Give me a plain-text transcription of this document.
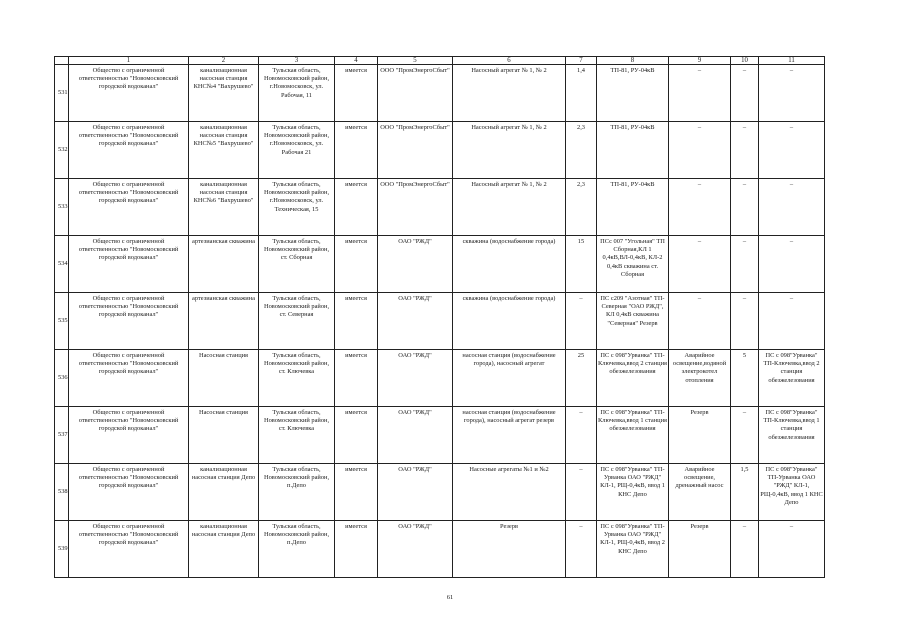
	1	2	3	4	5	6	7	8	9	10	11
531	Общество с ограниченной ответственностью "Новомосковский городской водоканал"	канализационная насосная станция КНС№4 "Вахрушево"	Тульская область, Новомосковский район, г.Новомосковск, ул. Рабочая, 11	имеется	ООО "ПромЭнергоСбыт"	Насосный агрегат № 1, № 2	1,4	ТП-81, РУ-04кВ	–	–	–
532	Общество с ограниченной ответственностью "Новомосковский городской водоканал"	канализационная насосная станция КНС№5 "Вахрушево"	Тульская область, Новомосковский район, г.Новомосковск, ул. Рабочая 21	имеется	ООО "ПромЭнергоСбыт"	Насосный агрегат № 1, № 2	2,3	ТП-81, РУ-04кВ	–	–	–
533	Общество с ограниченной ответственностью "Новомосковский городской водоканал"	канализационная насосная станция КНС№6 "Вахрушево"	Тульская область, Новомосковский район, г.Новомосковск, ул. Техническая, 15	имеется	ООО "ПромЭнергоСбыт"	Насосный агрегат № 1, № 2	2,3	ТП-81, РУ-04кВ	–	–	–
534	Общество с ограниченной ответственностью "Новомосковский городской водоканал"	артезианская скважина	Тульская область, Новомосковский район, ст. Сборная	имеется	ОАО "РЖД"	скважина (водоснабжение города)	15	ПСс 007 "Угольная" ТП Сборная,КЛ 1 0,4кВ,ВЛ-0,4кВ, КЛ-2 0,4кВ скважина ст. Сборная	–	–	–
535	Общество с ограниченной ответственностью "Новомосковский городской водоканал"	артезианская скважина	Тульская область, Новомосковский район, ст. Северная	имеется	ОАО "РЖД"	скважина (водоснабжение города)	–	ПС с209 "Азотная" ТП-Северная "ОАО РЖД", КЛ 0,4кВ скважина "Северная" Резерв	–	–	–
536	Общество с ограниченной ответственностью "Новомосковский городской водоканал"	Насосная станция	Тульская область, Новомосковский район, ст. Ключевка	имеется	ОАО "РЖД"	насосная станция (водоснабжение города), насосный агрегат	25	ПС с 098"Урванка" ТП-Ключевка,ввод 2 станция обезжелезования	Аварийное освещение,водяной электрокотел отопления	5	ПС с 098"Урванка" ТП-Ключевка,ввод 2 станция обезжелезования
537	Общество с ограниченной ответственностью "Новомосковский городской водоканал"	Насосная станция	Тульская область, Новомосковский район, ст. Ключевка	имеется	ОАО "РЖД"	насосная станция (водоснабжение города), насосный агрегат резерв	–	ПС с 098"Урванка" ТП-Ключевка,ввод 1 станция обезжелезования	Резерв	–	ПС с 098"Урванка" ТП-Ключевка,ввод 1 станция обезжелезования
538	Общество с ограниченной ответственностью "Новомосковский городской водоканал"	канализационная насосная станция Депо	Тульская область, Новомосковский район, п.Депо	имеется	ОАО "РЖД"	Насосные агрегаты №1 и №2	–	ПС с 098"Урванка" ТП-Урванка ОАО "РЖД" КЛ-1, РЩ-0,4кВ, ввод 1 КНС Депо	Аварийное освещение, дренажный насос	1,5	ПС с 098"Урванка" ТП-Урванка ОАО "РЖД" КЛ-1, РЩ-0,4кВ, ввод 1 КНС Депо
539	Общество с ограниченной ответственностью "Новомосковский городской водоканал"	канализационная насосная станция Депо	Тульская область, Новомосковский район, п.Депо	имеется	ОАО "РЖД"	Резерв	–	ПС с 098"Урванка" ТП-Урванка ОАО "РЖД" КЛ-1, РЩ-0,4кВ, ввод 2 КНС Депо	Резерв	–	–
61
